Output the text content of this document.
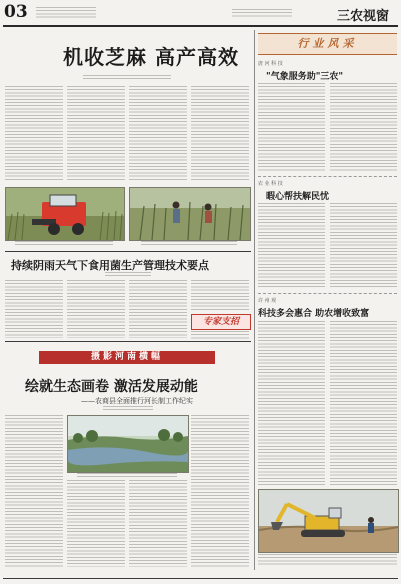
03	三农视窗
机收芝麻 高产高效
持续阴雨天气下食用菌生产管理技术要点
专家支招
摄影河南横幅
绘就生态画卷 激活发展动能
——农商县全面推行河长制工作纪实
行业风采
唐 河 科 技
"气象服务助"三农"
农 业 科 技
暇心帮扶解民忧
许 州 观
科技多会惠合 助农增收致富
